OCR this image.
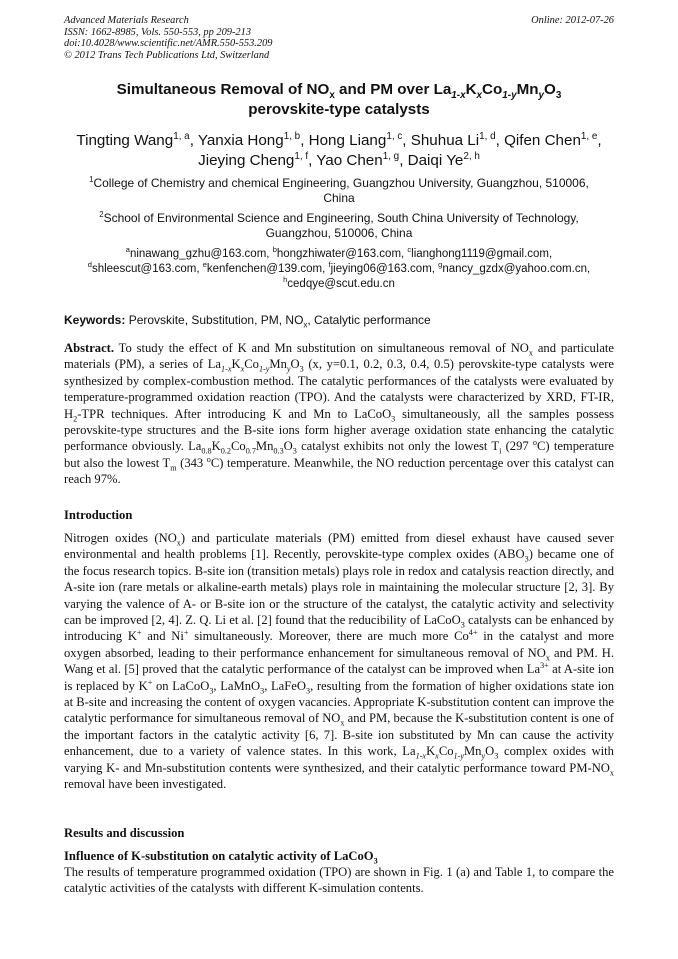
Advanced Materials Research
ISSN: 1662-8985, Vols. 550-553, pp 209-213
doi:10.4028/www.scientific.net/AMR.550-553.209
© 2012 Trans Tech Publications Ltd, Switzerland
Online: 2012-07-26
Simultaneous Removal of $NO_x$ and PM over $La_{1-x}K_xCo_{1-y}Mn_yO_3$
perovskite-type catalysts
Tingting Wang$^{1, a}$, Yanxia Hong$^{1, b}$, Hong Liang$^{1, c}$, Shuhua Li$^{1, d}$, Qifen Chen$^{1, e}$,
Jieying Cheng$^{1, f}$, Yao Chen$^{1, g}$, Daiqi Ye$^{2, h}$
$^1$College of Chemistry and chemical Engineering, Guangzhou University, Guangzhou, 510006,
China
$^2$School of Environmental Science and Engineering, South China University of Technology,
Guangzhou, 510006, China
$^a$ninawang_gzhu@163.com, $^b$hongzhiwater@163.com, $^c$lianghong1119@gmail.com,
$^d$shleescut@163.com, $^e$kenfenchen@139.com, $^f$jieying06@163.com, $^g$nancy_gzdx@yahoo.com.cn,
$^h$cedqye@scut.edu.cn
Keywords: Perovskite, Substitution, PM, $NO_x$, Catalytic performance
Abstract. To study the effect of K and Mn substitution on simultaneous removal of $NO_x$ and particulate materials (PM), a series of $La_{1-x}K_xCo_{1-y}Mn_yO_3$ (x, y=0.1, 0.2, 0.3, 0.4, 0.5) perovskite-type catalysts were synthesized by complex-combustion method. The catalytic performances of the catalysts were evaluated by temperature-programmed oxidation reaction (TPO). And the catalysts were characterized by XRD, FT-IR, $H_2$-TPR techniques. After introducing K and Mn to LaCoO$_3$ simultaneously, all the samples possess perovskite-type structures and the B-site ions form higher average oxidation state enhancing the catalytic performance obviously. $La_{0.8}K_{0.2}Co_{0.7}Mn_{0.3}O_3$ catalyst exhibits not only the lowest $T_i$ (297 $^o$C) temperature but also the lowest $T_m$ (343 $^o$C) temperature. Meanwhile, the NO reduction percentage over this catalyst can reach 97%.
Introduction
Nitrogen oxides $(NO_x)$ and particulate materials (PM) emitted from diesel exhaust have caused sever environmental and health problems [1]. Recently, perovskite-type complex oxides $(ABO_3)$ became one of the focus research topics. B-site ion (transition metals) plays role in redox and catalysis reaction directly, and A-site ion (rare metals or alkaline-earth metals) plays role in maintaining the molecular structure [2, 3]. By varying the valence of A- or B-site ion or the structure of the catalyst, the catalytic activity and selectivity can be improved [2, 4]. Z. Q. Li et al. [2] found that the reducibility of LaCoO$_3$ catalysts can be enhanced by introducing K+ and Ni+ simultaneously. Moreover, there are much more $Co^{4+}$ in the catalyst and more oxygen absorbed, leading to their performance enhancement for simultaneous removal of $NO_x$ and PM. H. Wang et al. [5] proved that the catalytic performance of the catalyst can be improved when $La^{3+}$ at A-site ion is replaced by K+ on LaCoO$_3$, LaMnO$_3$, LaFeO$_3$, resulting from the formation of higher oxidations state ion at B-site and increasing the content of oxygen vacancies. Appropriate K-substitution content can improve the catalytic performance for simultaneous removal of $NO_x$ and PM, because the K-substitution content is one of the important factors in the catalytic activity [6, 7]. B-site ion substituted by Mn can cause the activity enhancement, due to a variety of valence states. In this work, $La_{1-x}K_xCo_{1-y}Mn_yO_3$ complex oxides with varying K- and Mn-substitution contents were synthesized, and their catalytic performance toward $PM-NO_x$ removal have been investigated.
Results and discussion
Influence of K-substitution on catalytic activity of LaCoO$_3$
The results of temperature programmed oxidation (TPO) are shown in Fig. 1 (a) and Table 1, to compare the catalytic activities of the catalysts with different K-simulation contents.
